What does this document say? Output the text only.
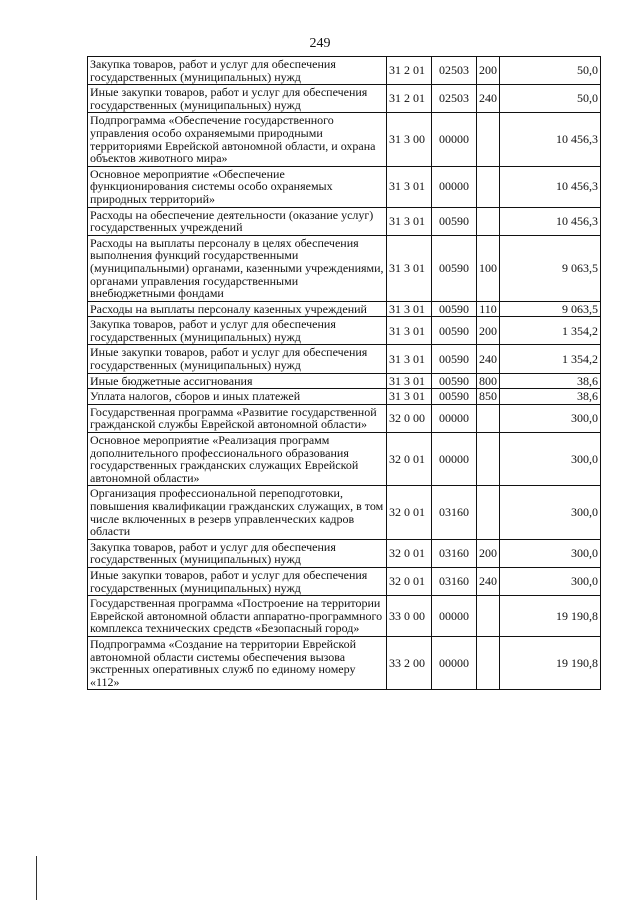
249
Закупка товаров, работ и услуг для обеспечения государственных (муниципальных) нужд	31 2 01	02503	200	50,0
Иные закупки товаров, работ и услуг для обеспечения государственных (муниципальных) нужд	31 2 01	02503	240	50,0
Подпрограмма «Обеспечение государственного управления особо охраняемыми природными территориями Еврейской автономной области, и охрана объектов животного мира»	31 3 00	00000		10 456,3
Основное мероприятие «Обеспечение функционирования системы особо охраняемых природных территорий»	31 3 01	00000		10 456,3
Расходы на обеспечение деятельности (оказание услуг) государственных учреждений	31 3 01	00590		10 456,3
Расходы на выплаты персоналу в целях обеспечения выполнения функций государственными (муниципальными) органами, казенными учреждениями, органами управления государственными внебюджетными фондами	31 3 01	00590	100	9 063,5
Расходы на выплаты персоналу казенных учреждений	31 3 01	00590	110	9 063,5
Закупка товаров, работ и услуг для обеспечения государственных (муниципальных) нужд	31 3 01	00590	200	1 354,2
Иные закупки товаров, работ и услуг для обеспечения государственных (муниципальных) нужд	31 3 01	00590	240	1 354,2
Иные бюджетные ассигнования	31 3 01	00590	800	38,6
Уплата налогов, сборов и иных платежей	31 3 01	00590	850	38,6
Государственная программа «Развитие государственной гражданской службы Еврейской автономной области»	32 0 00	00000		300,0
Основное мероприятие «Реализация программ дополнительного профессионального образования государственных гражданских служащих Еврейской автономной области»	32 0 01	00000		300,0
Организация профессиональной переподготовки, повышения квалификации гражданских служащих, в том числе включенных в резерв управленческих кадров области	32 0 01	03160		300,0
Закупка товаров, работ и услуг для обеспечения государственных (муниципальных) нужд	32 0 01	03160	200	300,0
Иные закупки товаров, работ и услуг для обеспечения государственных (муниципальных) нужд	32 0 01	03160	240	300,0
Государственная программа «Построение на территории Еврейской автономной области аппаратно-программного комплекса технических средств «Безопасный город»	33 0 00	00000		19 190,8
Подпрограмма «Создание на территории Еврейской автономной области системы обеспечения вызова экстренных оперативных служб по единому номеру «112»	33 2 00	00000		19 190,8
